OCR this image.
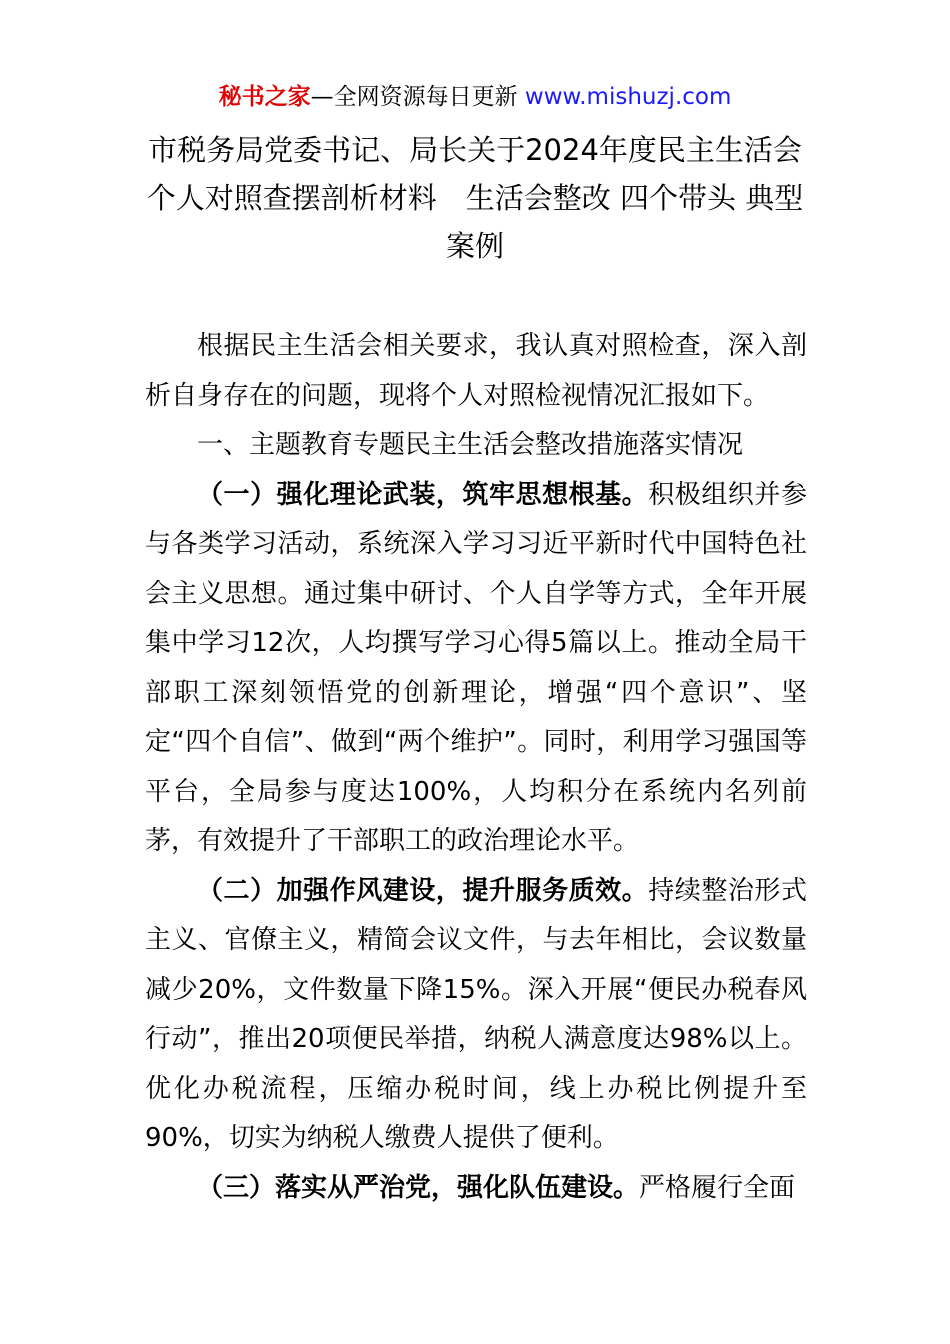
秘书之家—全网资源每日更新 www.mishuzj.com
市税务局党委书记、局长关于2024年度民主生活会个人对照查摆剖析材料　生活会整改 四个带头 典型案例

根据民主生活会相关要求，我认真对照检查，深入剖析自身存在的问题，现将个人对照检视情况汇报如下。

一、主题教育专题民主生活会整改措施落实情况

（一）强化理论武装，筑牢思想根基。积极组织并参与各类学习活动，系统深入学习习近平新时代中国特色社会主义思想。通过集中研讨、个人自学等方式，全年开展集中学习12次，人均撰写学习心得5篇以上。推动全局干部职工深刻领悟党的创新理论，增强“四个意识”、坚定“四个自信”、做到“两个维护”。同时，利用学习强国等平台，全局参与度达100%，人均积分在系统内名列前茅，有效提升了干部职工的政治理论水平。

（二）加强作风建设，提升服务质效。持续整治形式主义、官僚主义，精简会议文件，与去年相比，会议数量减少20%，文件数量下降15%。深入开展“便民办税春风行动”，推出20项便民举措，纳税人满意度达98%以上。优化办税流程，压缩办税时间，线上办税比例提升至90%，切实为纳税人缴费人提供了便利。

（三）落实从严治党，强化队伍建设。严格履行全面
